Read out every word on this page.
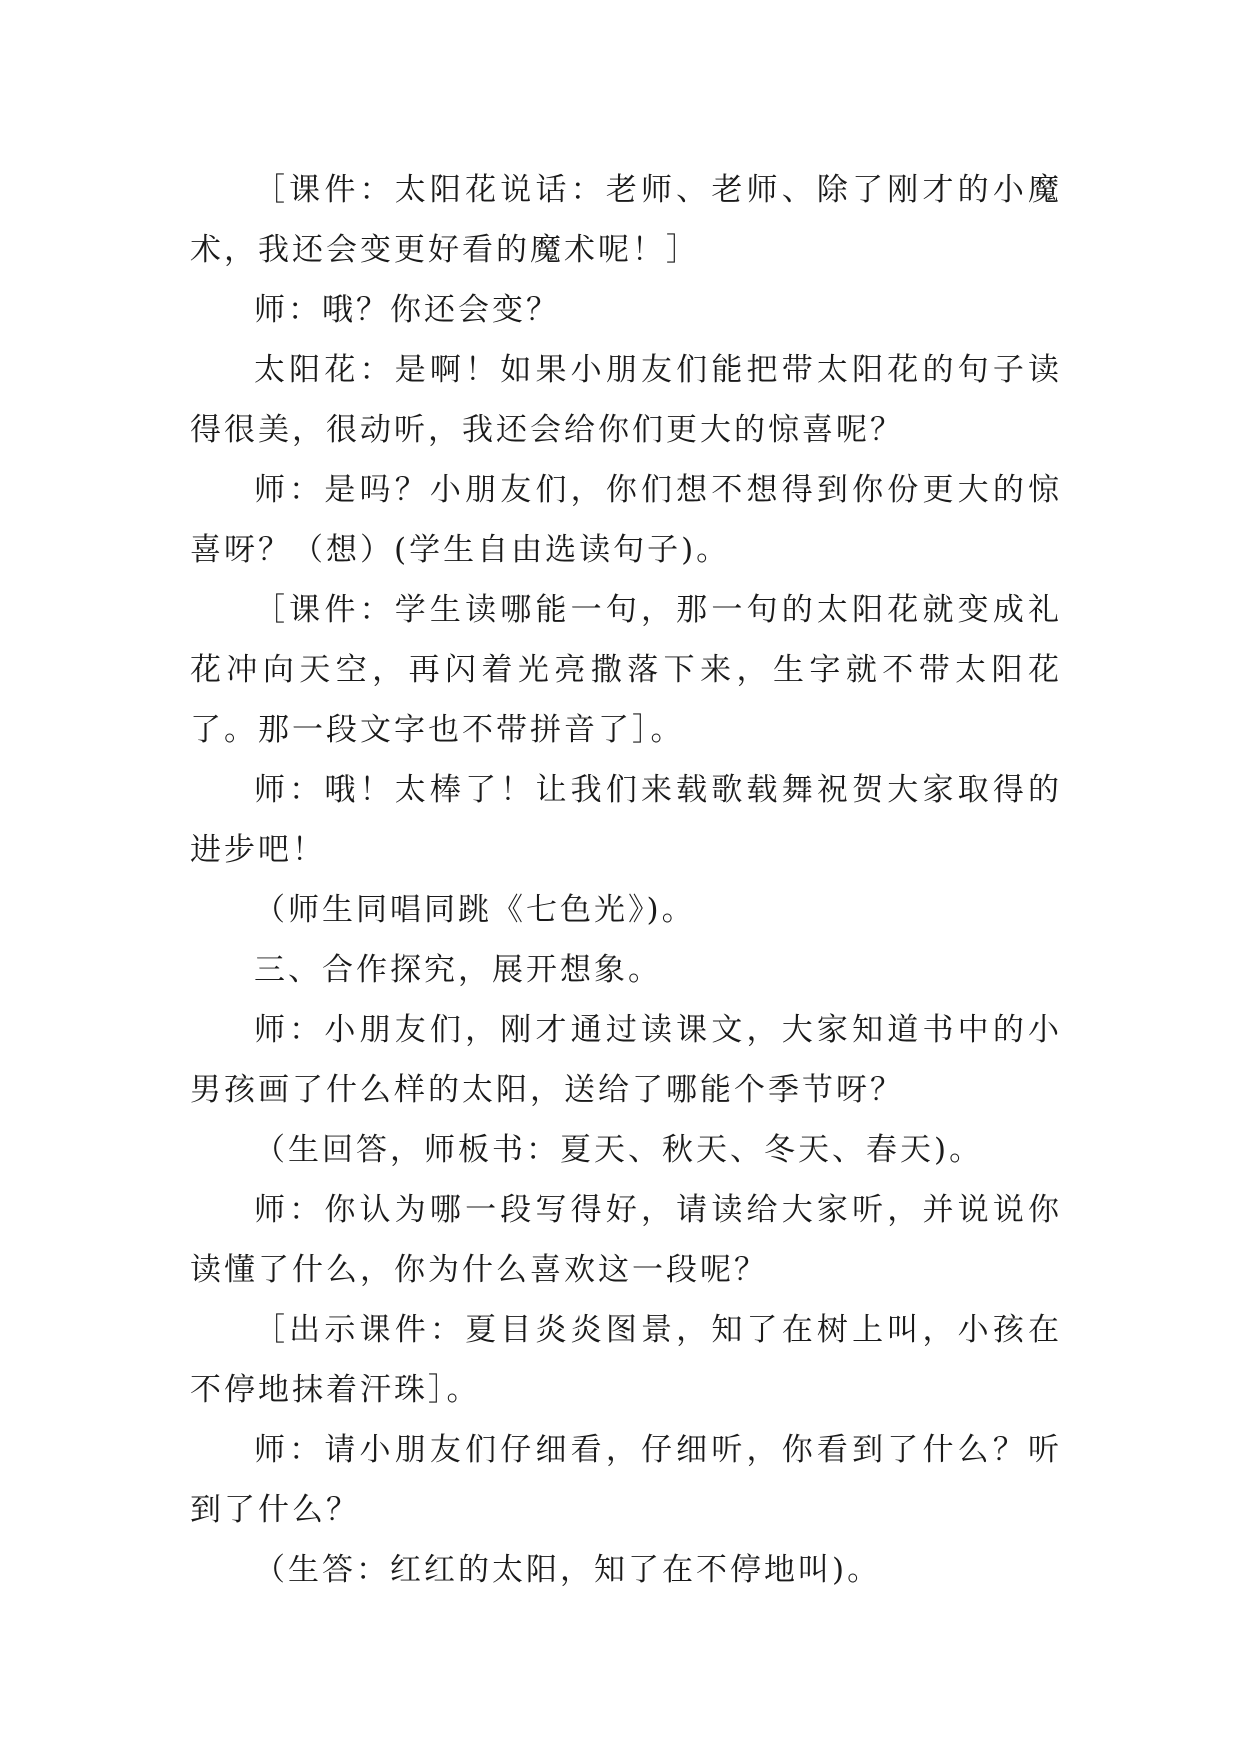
［课件：太阳花说话：老师、老师、除了刚才的小魔术，我还会变更好看的魔术呢！］

师：哦？你还会变？

太阳花：是啊！如果小朋友们能把带太阳花的句子读得很美，很动听，我还会给你们更大的惊喜呢？

师：是吗？小朋友们，你们想不想得到你份更大的惊喜呀？（想）(学生自由选读句子)。

［课件：学生读哪能一句，那一句的太阳花就变成礼花冲向天空，再闪着光亮撒落下来，生字就不带太阳花了。那一段文字也不带拼音了］。

师：哦！太棒了！让我们来载歌载舞祝贺大家取得的进步吧！

（师生同唱同跳《七色光》)。

三、合作探究，展开想象。

师：小朋友们，刚才通过读课文，大家知道书中的小男孩画了什么样的太阳，送给了哪能个季节呀？

（生回答，师板书：夏天、秋天、冬天、春天)。

师：你认为哪一段写得好，请读给大家听，并说说你读懂了什么，你为什么喜欢这一段呢？

［出示课件：夏目炎炎图景，知了在树上叫，小孩在不停地抹着汗珠］。

师：请小朋友们仔细看，仔细听，你看到了什么？听到了什么？

（生答：红红的太阳，知了在不停地叫)。
